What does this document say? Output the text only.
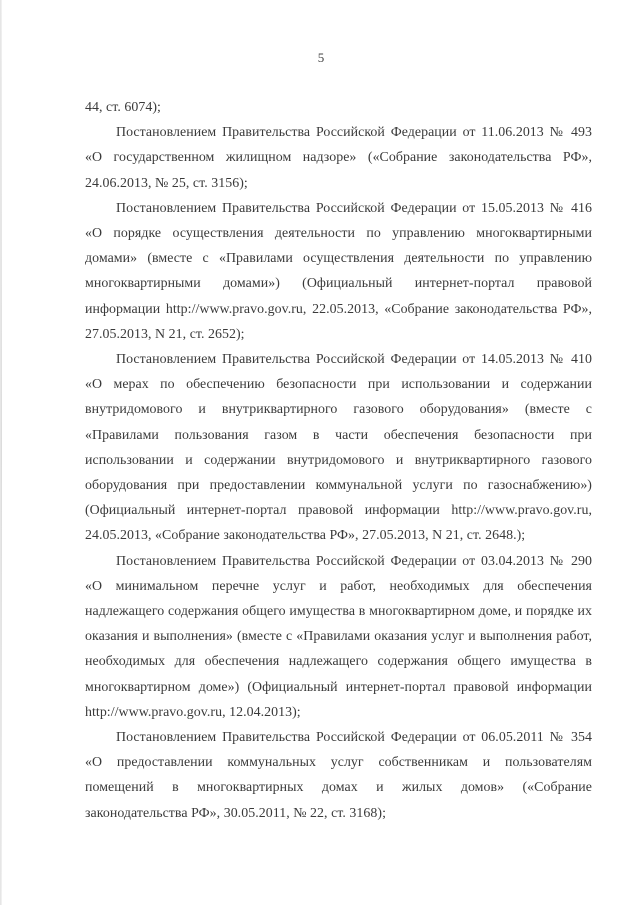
5

44, ст. 6074);

Постановлением Правительства Российской Федерации от 11.06.2013 № 493 «О государственном жилищном надзоре» («Собрание законодательства РФ», 24.06.2013, № 25, ст. 3156);

Постановлением Правительства Российской Федерации от 15.05.2013 № 416 «О порядке осуществления деятельности по управлению многоквартирными домами» (вместе с «Правилами осуществления деятельности по управлению многоквартирными домами») (Официальный интернет-портал правовой информации http://www.pravo.gov.ru, 22.05.2013, «Собрание законодательства РФ», 27.05.2013, N 21, ст. 2652);

Постановлением Правительства Российской Федерации от 14.05.2013 № 410 «О мерах по обеспечению безопасности при использовании и содержании внутридомового и внутриквартирного газового оборудования» (вместе с «Правилами пользования газом в части обеспечения безопасности при использовании и содержании внутридомового и внутриквартирного газового оборудования при предоставлении коммунальной услуги по газоснабжению») (Официальный интернет-портал правовой информации http://www.pravo.gov.ru, 24.05.2013, «Собрание законодательства РФ», 27.05.2013, N 21, ст. 2648.);

Постановлением Правительства Российской Федерации от 03.04.2013 № 290 «О минимальном перечне услуг и работ, необходимых для обеспечения надлежащего содержания общего имущества в многоквартирном доме, и порядке их оказания и выполнения» (вместе с «Правилами оказания услуг и выполнения работ, необходимых для обеспечения надлежащего содержания общего имущества в многоквартирном доме») (Официальный интернет-портал правовой информации http://www.pravo.gov.ru, 12.04.2013);

Постановлением Правительства Российской Федерации от 06.05.2011 № 354 «О предоставлении коммунальных услуг собственникам и пользователям помещений в многоквартирных домах и жилых домов» («Собрание законодательства РФ», 30.05.2011, № 22, ст. 3168);
